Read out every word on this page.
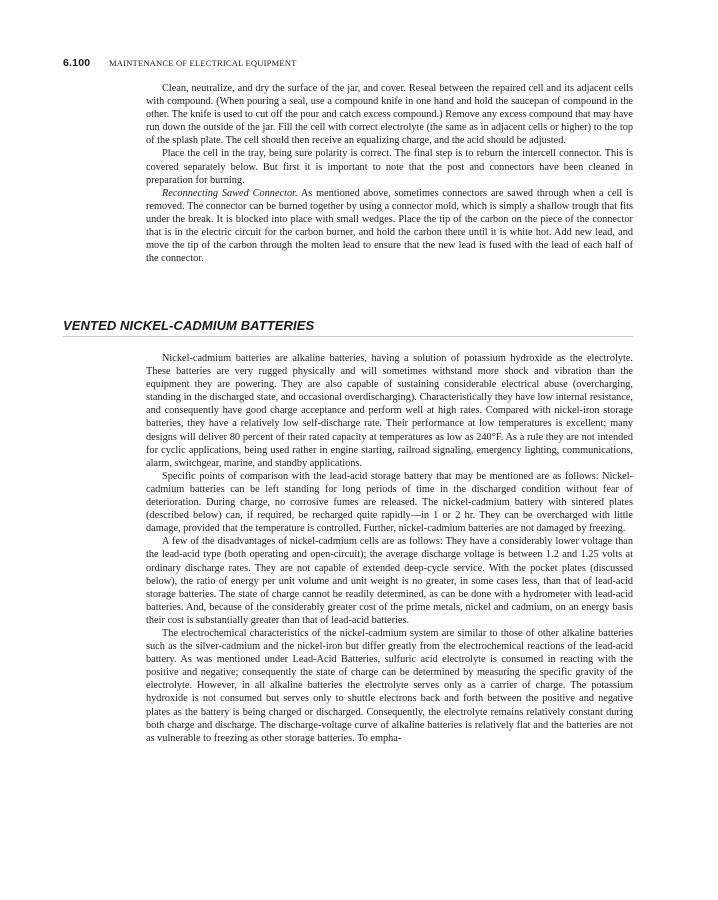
6.100 MAINTENANCE OF ELECTRICAL EQUIPMENT

Clean, neutralize, and dry the surface of the jar, and cover. Reseal between the repaired cell and its adjacent cells with compound. (When pouring a seal, use a compound knife in one hand and hold the saucepan of compound in the other. The knife is used to cut off the pour and catch excess compound.) Remove any excess compound that may have run down the outside of the jar. Fill the cell with correct electrolyte (the same as in adjacent cells or higher) to the top of the splash plate. The cell should then receive an equalizing charge, and the acid should be adjusted.

Place the cell in the tray, being sure polarity is correct. The final step is to reburn the intercell connector. This is covered separately below. But first it is important to note that the post and connectors have been cleaned in preparation for burning.

Reconnecting Sawed Connector. As mentioned above, sometimes connectors are sawed through when a cell is removed. The connector can be burned together by using a connector mold, which is simply a shallow trough that fits under the break. It is blocked into place with small wedges. Place the tip of the carbon on the piece of the connector that is in the electric circuit for the carbon burner, and hold the carbon there until it is white hot. Add new lead, and move the tip of the carbon through the molten lead to ensure that the new lead is fused with the lead of each half of the connector.

VENTED NICKEL-CADMIUM BATTERIES

Nickel-cadmium batteries are alkaline batteries, having a solution of potassium hydroxide as the electrolyte. These batteries are very rugged physically and will sometimes withstand more shock and vibration than the equipment they are powering. They are also capable of sustaining considerable electrical abuse (overcharging, standing in the discharged state, and occasional overdischarging). Characteristically they have low internal resistance, and consequently have good charge acceptance and perform well at high rates. Compared with nickel-iron storage batteries, they have a relatively low self-discharge rate. Their performance at low temperatures is excellent; many designs will deliver 80 percent of their rated capacity at temperatures as low as 240°F. As a rule they are not intended for cyclic applications, being used rather in engine starting, railroad signaling, emergency lighting, communications, alarm, switchgear, marine, and standby applications.

Specific points of comparison with the lead-acid storage battery that may be mentioned are as follows: Nickel-cadmium batteries can be left standing for long periods of time in the discharged condition without fear of deterioration. During charge, no corrosive fumes are released. The nickel-cadmium battery with sintered plates (described below) can, if required, be recharged quite rapidly—in 1 or 2 hr. They can be overcharged with little damage, provided that the temperature is controlled. Further, nickel-cadmium batteries are not damaged by freezing.

A few of the disadvantages of nickel-cadmium cells are as follows: They have a considerably lower voltage than the lead-acid type (both operating and open-circuit); the average discharge voltage is between 1.2 and 1.25 volts at ordinary discharge rates. They are not capable of extended deep-cycle service. With the pocket plates (discussed below), the ratio of energy per unit volume and unit weight is no greater, in some cases less, than that of lead-acid storage batteries. The state of charge cannot be readily determined, as can be done with a hydrometer with lead-acid batteries. And, because of the considerably greater cost of the prime metals, nickel and cadmium, on an energy basis their cost is substantially greater than that of lead-acid batteries.

The electrochemical characteristics of the nickel-cadmium system are similar to those of other alkaline batteries such as the silver-cadmium and the nickel-iron but differ greatly from the electrochemical reactions of the lead-acid battery. As was mentioned under Lead-Acid Batteries, sulfuric acid electrolyte is consumed in reacting with the positive and negative; consequently the state of charge can be determined by measuring the specific gravity of the electrolyte. However, in all alkaline batteries the electrolyte serves only as a carrier of charge. The potassium hydroxide is not consumed but serves only to shuttle electrons back and forth between the positive and negative plates as the battery is being charged or discharged. Consequently, the electrolyte remains relatively constant during both charge and discharge. The discharge-voltage curve of alkaline batteries is relatively flat and the batteries are not as vulnerable to freezing as other storage batteries. To empha-
